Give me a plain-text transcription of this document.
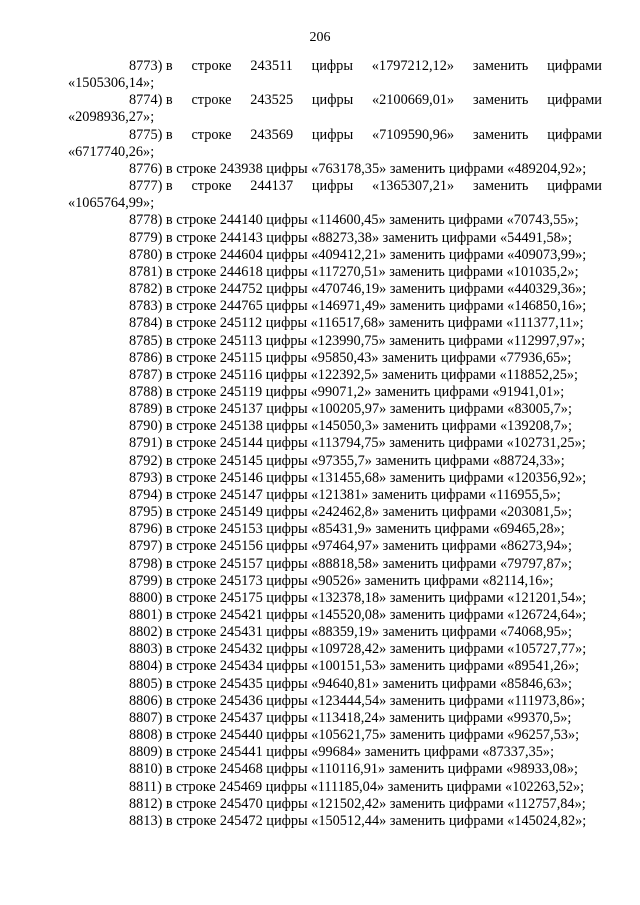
206
8773) в строке 243511 цифры «1797212,12» заменить цифрами
«1505306,14»;
8774) в строке 243525 цифры «2100669,01» заменить цифрами
«2098936,27»;
8775) в строке 243569 цифры «7109590,96» заменить цифрами
«6717740,26»;
8776) в строке 243938 цифры «763178,35» заменить цифрами «489204,92»;
8777) в строке 244137 цифры «1365307,21» заменить цифрами
«1065764,99»;
8778) в строке 244140 цифры «114600,45» заменить цифрами «70743,55»;
8779) в строке 244143 цифры «88273,38» заменить цифрами «54491,58»;
8780) в строке 244604 цифры «409412,21» заменить цифрами «409073,99»;
8781) в строке 244618 цифры «117270,51» заменить цифрами «101035,2»;
8782) в строке 244752 цифры «470746,19» заменить цифрами «440329,36»;
8783) в строке 244765 цифры «146971,49» заменить цифрами «146850,16»;
8784) в строке 245112 цифры «116517,68» заменить цифрами «111377,11»;
8785) в строке 245113 цифры «123990,75» заменить цифрами «112997,97»;
8786) в строке 245115 цифры «95850,43» заменить цифрами «77936,65»;
8787) в строке 245116 цифры «122392,5» заменить цифрами «118852,25»;
8788) в строке 245119 цифры «99071,2» заменить цифрами «91941,01»;
8789) в строке 245137 цифры «100205,97» заменить цифрами «83005,7»;
8790) в строке 245138 цифры «145050,3» заменить цифрами «139208,7»;
8791) в строке 245144 цифры «113794,75» заменить цифрами «102731,25»;
8792) в строке 245145 цифры «97355,7» заменить цифрами «88724,33»;
8793) в строке 245146 цифры «131455,68» заменить цифрами «120356,92»;
8794) в строке 245147 цифры «121381» заменить цифрами «116955,5»;
8795) в строке 245149 цифры «242462,8» заменить цифрами «203081,5»;
8796) в строке 245153 цифры «85431,9» заменить цифрами «69465,28»;
8797) в строке 245156 цифры «97464,97» заменить цифрами «86273,94»;
8798) в строке 245157 цифры «88818,58» заменить цифрами «79797,87»;
8799) в строке 245173 цифры «90526» заменить цифрами «82114,16»;
8800) в строке 245175 цифры «132378,18» заменить цифрами «121201,54»;
8801) в строке 245421 цифры «145520,08» заменить цифрами «126724,64»;
8802) в строке 245431 цифры «88359,19» заменить цифрами «74068,95»;
8803) в строке 245432 цифры «109728,42» заменить цифрами «105727,77»;
8804) в строке 245434 цифры «100151,53» заменить цифрами «89541,26»;
8805) в строке 245435 цифры «94640,81» заменить цифрами «85846,63»;
8806) в строке 245436 цифры «123444,54» заменить цифрами «111973,86»;
8807) в строке 245437 цифры «113418,24» заменить цифрами «99370,5»;
8808) в строке 245440 цифры «105621,75» заменить цифрами «96257,53»;
8809) в строке 245441 цифры «99684» заменить цифрами «87337,35»;
8810) в строке 245468 цифры «110116,91» заменить цифрами «98933,08»;
8811) в строке 245469 цифры «111185,04» заменить цифрами «102263,52»;
8812) в строке 245470 цифры «121502,42» заменить цифрами «112757,84»;
8813) в строке 245472 цифры «150512,44» заменить цифрами «145024,82»;
